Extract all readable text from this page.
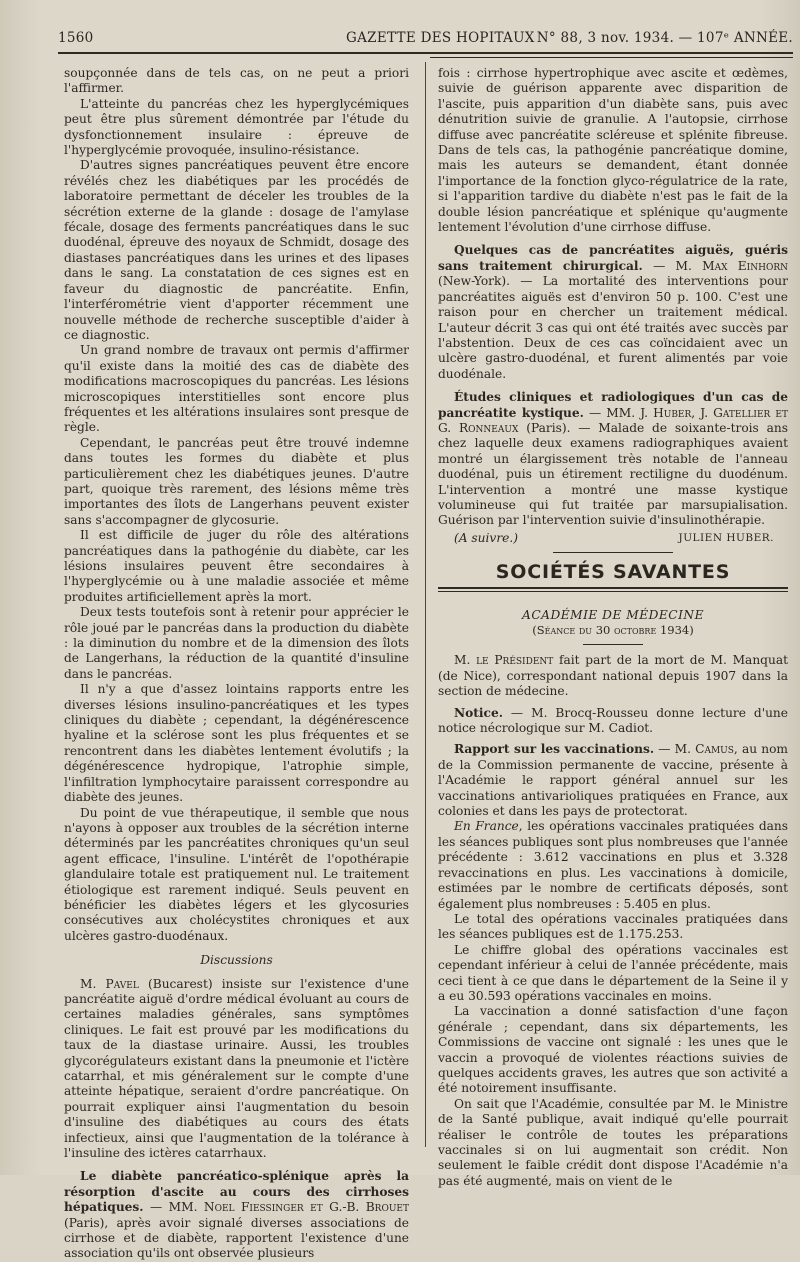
1560	GAZETTE DES HOPITAUX N° 88, 3 nov. 1934. — 107ᵉ ANNÉE.

soupçonnée dans de tels cas, on ne peut a priori l'affirmer.

L'atteinte du pancréas chez les hyperglycémiques peut être plus sûrement démontrée par l'étude du dysfonctionnement insulaire : épreuve de l'hyperglycémie provoquée, insulino-résistance.

D'autres signes pancréatiques peuvent être encore révélés chez les diabétiques par les procédés de laboratoire permettant de déceler les troubles de la sécrétion externe de la glande : dosage de l'amylase fécale, dosage des ferments pancréatiques dans le suc duodénal, épreuve des noyaux de Schmidt, dosage des diastases pancréatiques dans les urines et des lipases dans le sang. La constatation de ces signes est en faveur du diagnostic de pancréatite. Enfin, l'interférométrie vient d'apporter récemment une nouvelle méthode de recherche susceptible d'aider à ce diagnostic.

Un grand nombre de travaux ont permis d'affirmer qu'il existe dans la moitié des cas de diabète des modifications macroscopiques du pancréas. Les lésions microscopiques interstitielles sont encore plus fréquentes et les altérations insulaires sont presque de règle.

Cependant, le pancréas peut être trouvé indemne dans toutes les formes du diabète et plus particulièrement chez les diabétiques jeunes. D'autre part, quoique très rarement, des lésions même très importantes des îlots de Langerhans peuvent exister sans s'accompagner de glycosurie.

Il est difficile de juger du rôle des altérations pancréatiques dans la pathogénie du diabète, car les lésions insulaires peuvent être secondaires à l'hyperglycémie ou à une maladie associée et même produites artificiellement après la mort.

Deux tests toutefois sont à retenir pour apprécier le rôle joué par le pancréas dans la production du diabète : la diminution du nombre et de la dimension des îlots de Langerhans, la réduction de la quantité d'insuline dans le pancréas.

Il n'y a que d'assez lointains rapports entre les diverses lésions insulino-pancréatiques et les types cliniques du diabète ; cependant, la dégénérescence hyaline et la sclérose sont les plus fréquentes et se rencontrent dans les diabètes lentement évolutifs ; la dégénérescence hydropique, l'atrophie simple, l'infiltration lymphocytaire paraissent correspondre au diabète des jeunes.

Du point de vue thérapeutique, il semble que nous n'ayons à opposer aux troubles de la sécrétion interne déterminés par les pancréatites chroniques qu'un seul agent efficace, l'insuline. L'intérêt de l'opothérapie glandulaire totale est pratiquement nul. Le traitement étiologique est rarement indiqué. Seuls peuvent en bénéficier les diabètes légers et les glycosuries consécutives aux cholécystites chroniques et aux ulcères gastro-duodénaux.

Discussions

M. Pavel (Bucarest) insiste sur l'existence d'une pancréatite aiguë d'ordre médical évoluant au cours de certaines maladies générales, sans symptômes cliniques. Le fait est prouvé par les modifications du taux de la diastase urinaire. Aussi, les troubles glycorégulateurs existant dans la pneumonie et l'ictère catarrhal, et mis généralement sur le compte d'une atteinte hépatique, seraient d'ordre pancréatique. On pourrait expliquer ainsi l'augmentation du besoin d'insuline des diabétiques au cours des états infectieux, ainsi que l'augmentation de la tolérance à l'insuline des ictères catarrhaux.

Le diabète pancréatico-splénique après la résorption d'ascite au cours des cirrhoses hépatiques. — MM. Noel Fiessinger et G.-B. Brouet (Paris), après avoir signalé diverses associations de cirrhose et de diabète, rapportent l'existence d'une association qu'ils ont observée plusieurs

fois : cirrhose hypertrophique avec ascite et œdèmes, suivie de guérison apparente avec disparition de l'ascite, puis apparition d'un diabète sans, puis avec dénutrition suivie de granulie. A l'autopsie, cirrhose diffuse avec pancréatite scléreuse et splénite fibreuse. Dans de tels cas, la pathogénie pancréatique domine, mais les auteurs se demandent, étant donnée l'importance de la fonction glyco-régulatrice de la rate, si l'apparition tardive du diabète n'est pas le fait de la double lésion pancréatique et splénique qu'augmente lentement l'évolution d'une cirrhose diffuse.

Quelques cas de pancréatites aiguës, guéris sans traitement chirurgical. — M. Max Einhorn (New-York). — La mortalité des interventions pour pancréatites aiguës est d'environ 50 p. 100. C'est une raison pour en chercher un traitement médical. L'auteur décrit 3 cas qui ont été traités avec succès par l'abstention. Deux de ces cas coïncidaient avec un ulcère gastro-duodénal, et furent alimentés par voie duodénale.

Études cliniques et radiologiques d'un cas de pancréatite kystique. — MM. J. Huber, J. Gatellier et G. Ronneaux (Paris). — Malade de soixante-trois ans chez laquelle deux examens radiographiques avaient montré un élargissement très notable de l'anneau duodénal, puis un étirement rectiligne du duodénum. L'intervention a montré une masse kystique volumineuse qui fut traitée par marsupialisation. Guérison par l'intervention suivie d'insulinothérapie.

(A suivre.)	JULIEN HUBER.

SOCIÉTÉS SAVANTES

ACADÉMIE DE MÉDECINE

(Séance du 30 octobre 1934)

M. le Président fait part de la mort de M. Manquat (de Nice), correspondant national depuis 1907 dans la section de médecine.

Notice. — M. Brocq-Rousseu donne lecture d'une notice nécrologique sur M. Cadiot.

Rapport sur les vaccinations. — M. Camus, au nom de la Commission permanente de vaccine, présente à l'Académie le rapport général annuel sur les vaccinations antivarioliques pratiquées en France, aux colonies et dans les pays de protectorat.

En France, les opérations vaccinales pratiquées dans les séances publiques sont plus nombreuses que l'année précédente : 3.612 vaccinations en plus et 3.328 revaccinations en plus. Les vaccinations à domicile, estimées par le nombre de certificats déposés, sont également plus nombreuses : 5.405 en plus.

Le total des opérations vaccinales pratiquées dans les séances publiques est de 1.175.253.

Le chiffre global des opérations vaccinales est cependant inférieur à celui de l'année précédente, mais ceci tient à ce que dans le département de la Seine il y a eu 30.593 opérations vaccinales en moins.

La vaccination a donné satisfaction d'une façon générale ; cependant, dans six départements, les Commissions de vaccine ont signalé : les unes que le vaccin a provoqué de violentes réactions suivies de quelques accidents graves, les autres que son activité a été notoirement insuffisante.

On sait que l'Académie, consultée par M. le Ministre de la Santé publique, avait indiqué qu'elle pourrait réaliser le contrôle de toutes les préparations vaccinales si on lui augmentait son crédit. Non seulement le faible crédit dont dispose l'Académie n'a pas été augmenté, mais on vient de le
